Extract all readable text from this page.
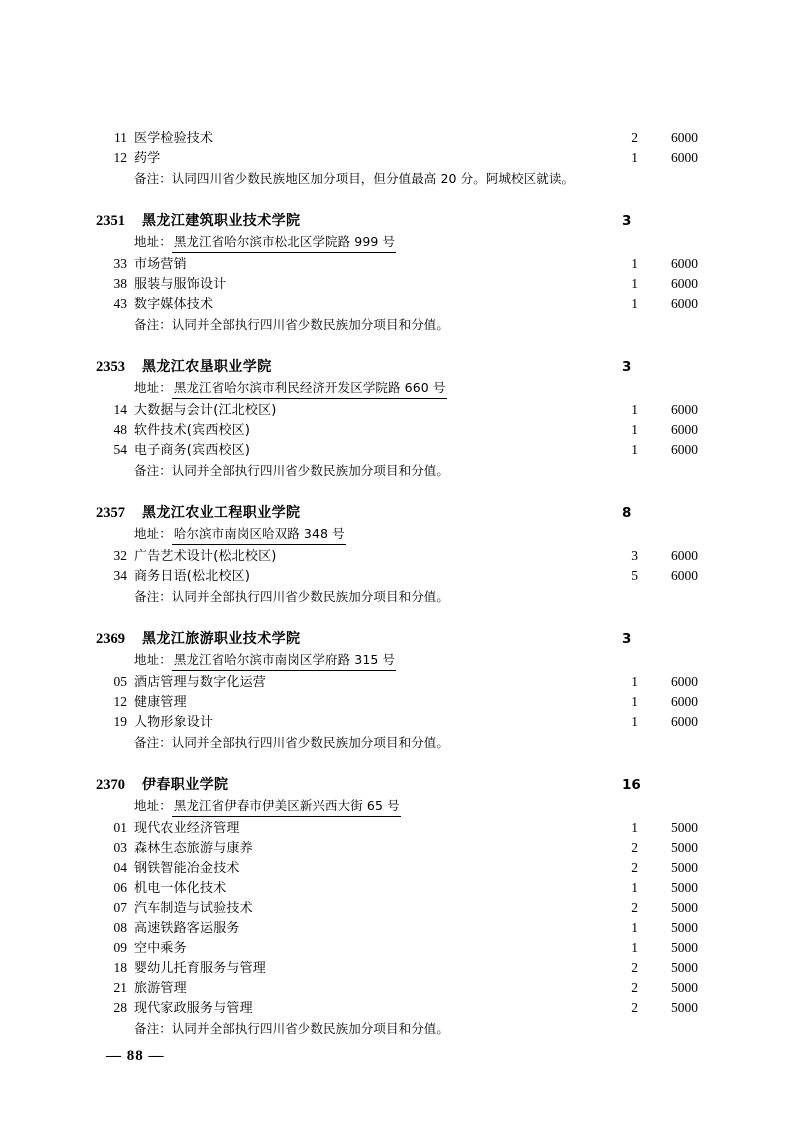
11 医学检验技术	2	6000
12 药学	1	6000
备注：认同四川省少数民族地区加分项目，但分值最高 20 分。阿城校区就读。
2351	黑龙江建筑职业技术学院	3
地址： 黑龙江省哈尔滨市松北区学院路 999 号
33 市场营销	1	6000
38 服装与服饰设计	1	6000
43 数字媒体技术	1	6000
备注：认同并全部执行四川省少数民族加分项目和分值。
2353	黑龙江农垦职业学院	3
地址： 黑龙江省哈尔滨市利民经济开发区学院路 660 号
14 大数据与会计(江北校区)	1	6000
48 软件技术(宾西校区)	1	6000
54 电子商务(宾西校区)	1	6000
备注：认同并全部执行四川省少数民族加分项目和分值。
2357	黑龙江农业工程职业学院	8
地址： 哈尔滨市南岗区哈双路 348 号
32 广告艺术设计(松北校区)	3	6000
34 商务日语(松北校区)	5	6000
备注：认同并全部执行四川省少数民族加分项目和分值。
2369	黑龙江旅游职业技术学院	3
地址： 黑龙江省哈尔滨市南岗区学府路 315 号
05 酒店管理与数字化运营	1	6000
12 健康管理	1	6000
19 人物形象设计	1	6000
备注：认同并全部执行四川省少数民族加分项目和分值。
2370	伊春职业学院	16
地址： 黑龙江省伊春市伊美区新兴西大街 65 号
01 现代农业经济管理	1	5000
03 森林生态旅游与康养	2	5000
04 钢铁智能冶金技术	2	5000
06 机电一体化技术	1	5000
07 汽车制造与试验技术	2	5000
08 高速铁路客运服务	1	5000
09 空中乘务	1	5000
18 婴幼儿托育服务与管理	2	5000
21 旅游管理	2	5000
28 现代家政服务与管理	2	5000
备注：认同并全部执行四川省少数民族加分项目和分值。
— 88 —
